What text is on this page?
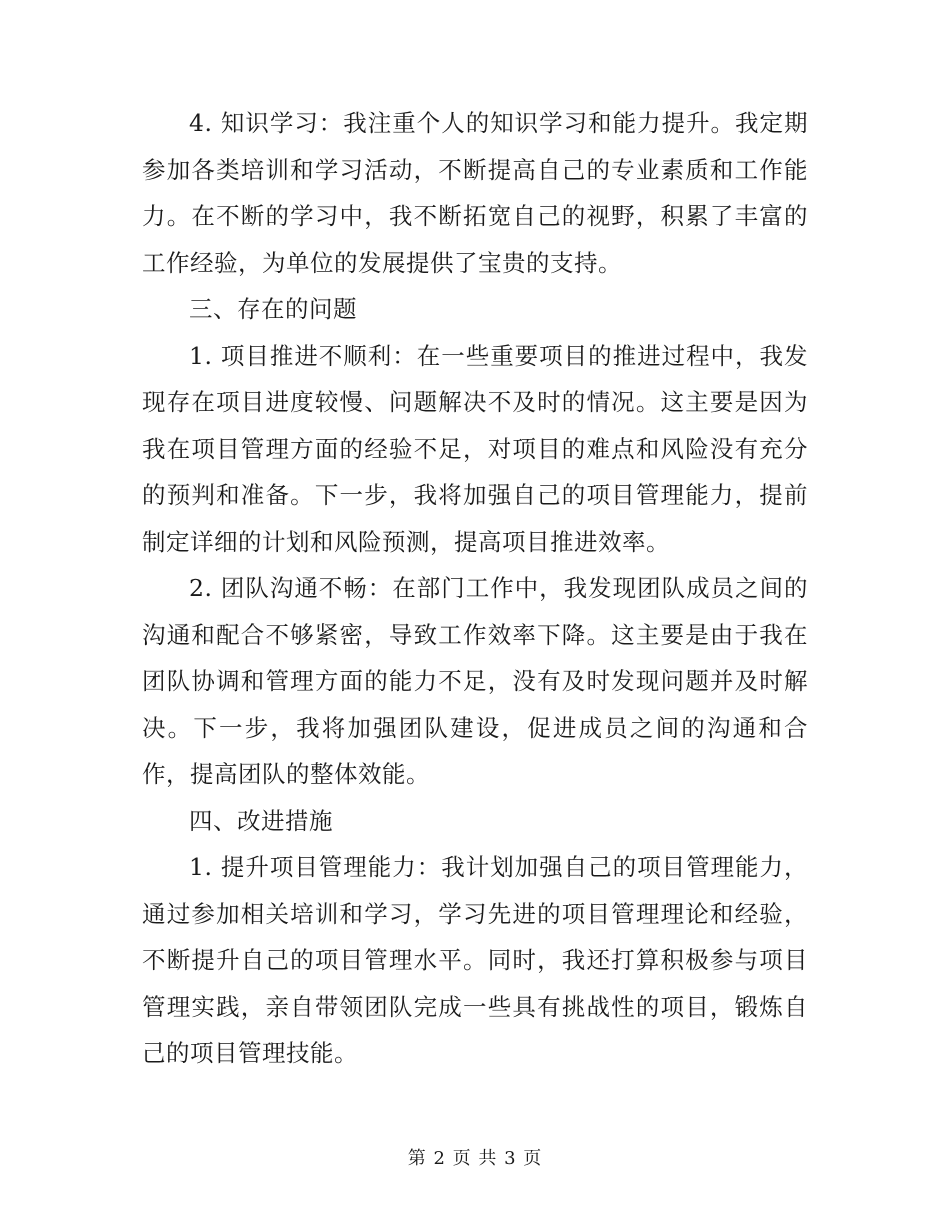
4. 知识学习：我注重个人的知识学习和能力提升。我定期参加各类培训和学习活动，不断提高自己的专业素质和工作能力。在不断的学习中，我不断拓宽自己的视野，积累了丰富的工作经验，为单位的发展提供了宝贵的支持。

三、存在的问题

1. 项目推进不顺利：在一些重要项目的推进过程中，我发现存在项目进度较慢、问题解决不及时的情况。这主要是因为我在项目管理方面的经验不足，对项目的难点和风险没有充分的预判和准备。下一步，我将加强自己的项目管理能力，提前制定详细的计划和风险预测，提高项目推进效率。

2. 团队沟通不畅：在部门工作中，我发现团队成员之间的沟通和配合不够紧密，导致工作效率下降。这主要是由于我在团队协调和管理方面的能力不足，没有及时发现问题并及时解决。下一步，我将加强团队建设，促进成员之间的沟通和合作，提高团队的整体效能。

四、改进措施

1. 提升项目管理能力：我计划加强自己的项目管理能力，通过参加相关培训和学习，学习先进的项目管理理论和经验，不断提升自己的项目管理水平。同时，我还打算积极参与项目管理实践，亲自带领团队完成一些具有挑战性的项目，锻炼自己的项目管理技能。

第 2 页 共 3 页
